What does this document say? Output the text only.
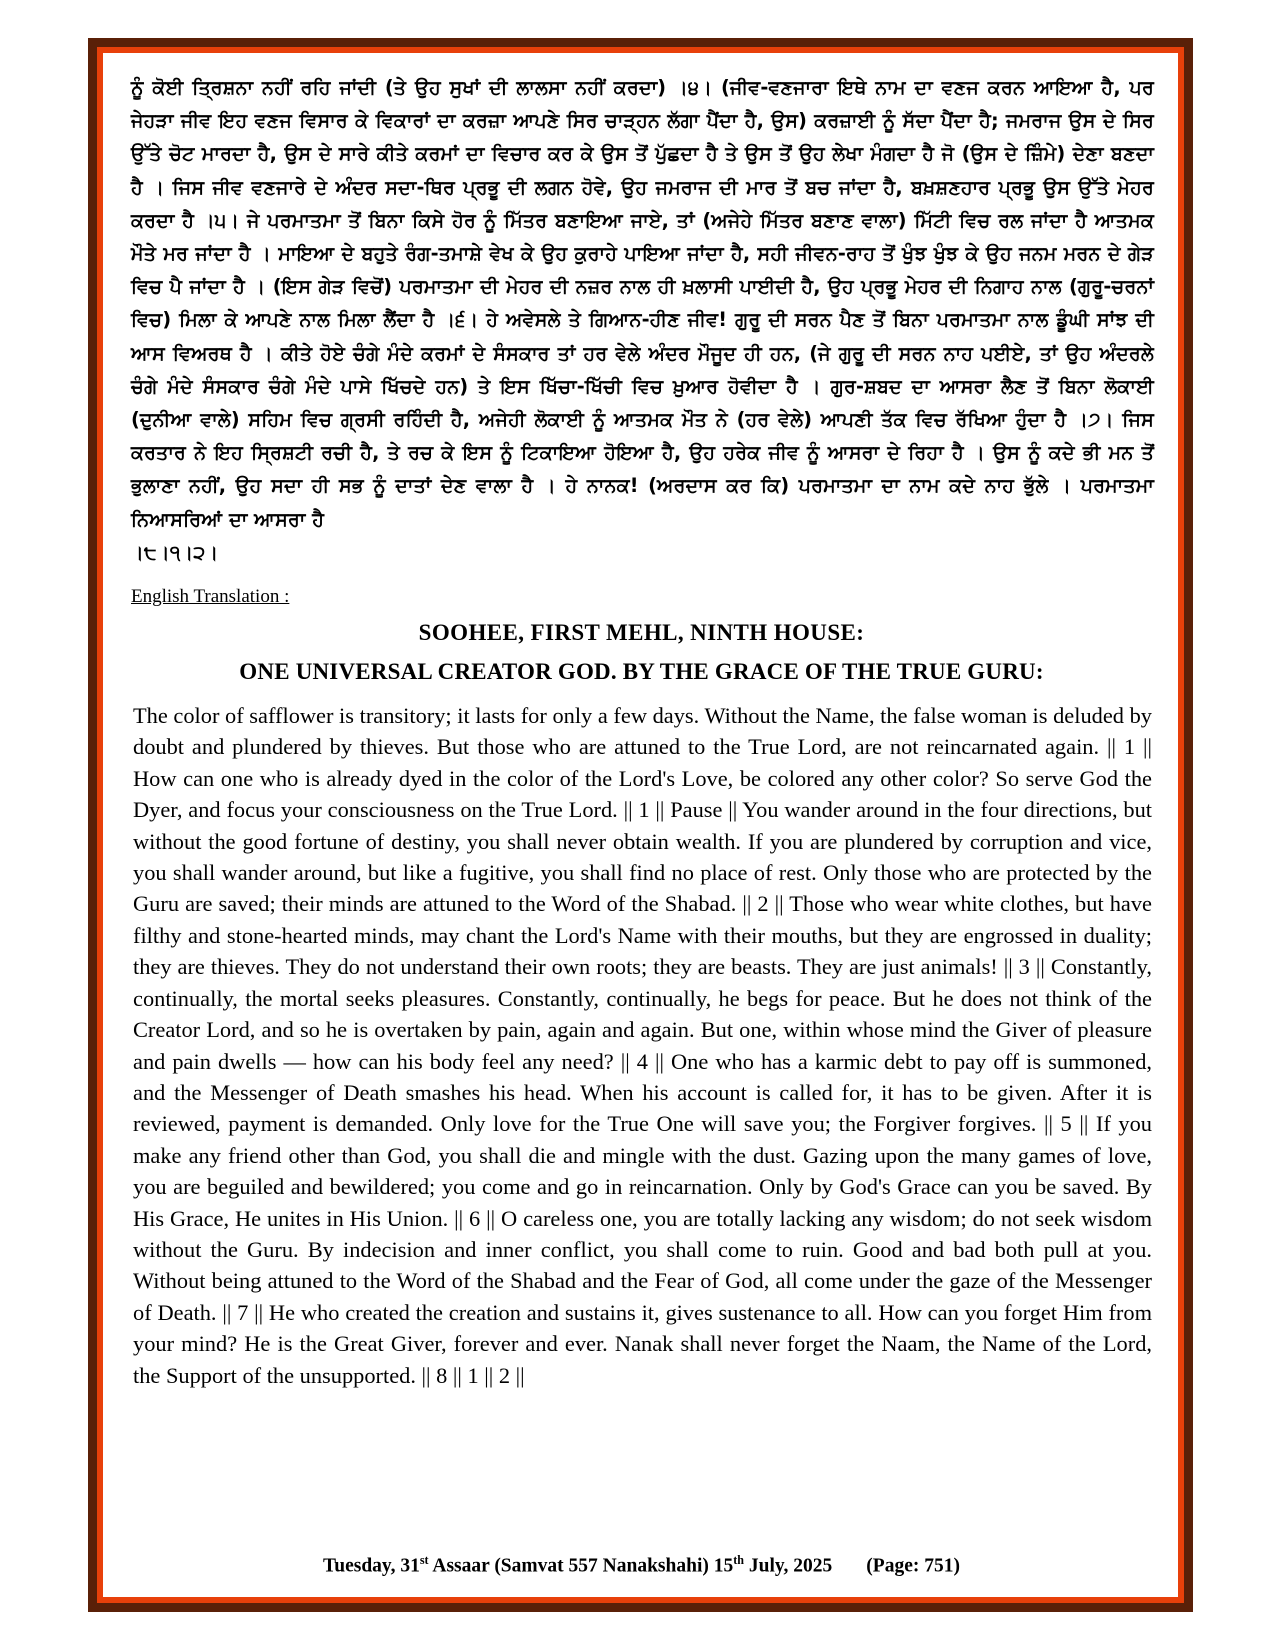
ਨੂੰ ਕੋਈ ਤ੍ਰਿਸ਼ਨਾ ਨਹੀਂ ਰਹਿ ਜਾਂਦੀ (ਤੇ ਉਹ ਸੁਖਾਂ ਦੀ ਲਾਲਸਾ ਨਹੀਂ ਕਰਦਾ) ।੪। (ਜੀਵ-ਵਣਜਾਰਾ ਇਥੇ ਨਾਮ ਦਾ ਵਣਜ ਕਰਨ ਆਇਆ ਹੈ, ਪਰ ਜੇਹੜਾ ਜੀਵ ਇਹ ਵਣਜ ਵਿਸਾਰ ਕੇ ਵਿਕਾਰਾਂ ਦਾ ਕਰਜ਼ਾ ਆਪਣੇ ਸਿਰ ਚਾੜ੍ਹਨ ਲੱਗਾ ਪੈਂਦਾ ਹੈ, ਉਸ) ਕਰਜ਼ਾਈ ਨੂੰ ਸੱਦਾ ਪੈਂਦਾ ਹੈ; ਜਮਰਾਜ ਉਸ ਦੇ ਸਿਰ ਉੱਤੇ ਚੋਟ ਮਾਰਦਾ ਹੈ, ਉਸ ਦੇ ਸਾਰੇ ਕੀਤੇ ਕਰਮਾਂ ਦਾ ਵਿਚਾਰ ਕਰ ਕੇ ਉਸ ਤੋਂ ਪੁੱਛਦਾ ਹੈ ਤੇ ਉਸ ਤੋਂ ਉਹ ਲੇਖਾ ਮੰਗਦਾ ਹੈ ਜੋ (ਉਸ ਦੇ ਜ਼ਿੰਮੇ) ਦੇਣਾ ਬਣਦਾ ਹੈ । ਜਿਸ ਜੀਵ ਵਣਜਾਰੇ ਦੇ ਅੰਦਰ ਸਦਾ-ਥਿਰ ਪ੍ਰਭੂ ਦੀ ਲਗਨ ਹੋਵੇ, ਉਹ ਜਮਰਾਜ ਦੀ ਮਾਰ ਤੋਂ ਬਚ ਜਾਂਦਾ ਹੈ, ਬਖ਼ਸ਼ਣਹਾਰ ਪ੍ਰਭੂ ਉਸ ਉੱਤੇ ਮੇਹਰ ਕਰਦਾ ਹੈ ।੫। ਜੇ ਪਰਮਾਤਮਾ ਤੋਂ ਬਿਨਾ ਕਿਸੇ ਹੋਰ ਨੂੰ ਮਿੱਤਰ ਬਣਾਇਆ ਜਾਏ, ਤਾਂ (ਅਜੇਹੇ ਮਿੱਤਰ ਬਣਾਣ ਵਾਲਾ) ਮਿੱਟੀ ਵਿਚ ਰਲ ਜਾਂਦਾ ਹੈ ਆਤਮਕ ਮੌਤੇ ਮਰ ਜਾਂਦਾ ਹੈ । ਮਾਇਆ ਦੇ ਬਹੁਤੇ ਰੰਗ-ਤਮਾਸ਼ੇ ਵੇਖ ਕੇ ਉਹ ਕੁਰਾਹੇ ਪਾਇਆ ਜਾਂਦਾ ਹੈ, ਸਹੀ ਜੀਵਨ-ਰਾਹ ਤੋਂ ਖੁੰਝ ਖੁੰਝ ਕੇ ਉਹ ਜਨਮ ਮਰਨ ਦੇ ਗੇੜ ਵਿਚ ਪੈ ਜਾਂਦਾ ਹੈ । (ਇਸ ਗੇੜ ਵਿਚੋਂ) ਪਰਮਾਤਮਾ ਦੀ ਮੇਹਰ ਦੀ ਨਜ਼ਰ ਨਾਲ ਹੀ ਖ਼ਲਾਸੀ ਪਾਈਦੀ ਹੈ, ਉਹ ਪ੍ਰਭੂ ਮੇਹਰ ਦੀ ਨਿਗਾਹ ਨਾਲ (ਗੁਰੂ-ਚਰਨਾਂ ਵਿਚ) ਮਿਲਾ ਕੇ ਆਪਣੇ ਨਾਲ ਮਿਲਾ ਲੈਂਦਾ ਹੈ ।੬। ਹੇ ਅਵੇਸਲੇ ਤੇ ਗਿਆਨ-ਹੀਣ ਜੀਵ! ਗੁਰੂ ਦੀ ਸਰਨ ਪੈਣ ਤੋਂ ਬਿਨਾ ਪਰਮਾਤਮਾ ਨਾਲ ਡੂੰਘੀ ਸਾਂਝ ਦੀ ਆਸ ਵਿਅਰਥ ਹੈ । ਕੀਤੇ ਹੋਏ ਚੰਗੇ ਮੰਦੇ ਕਰਮਾਂ ਦੇ ਸੰਸਕਾਰ ਤਾਂ ਹਰ ਵੇਲੇ ਅੰਦਰ ਮੌਜੂਦ ਹੀ ਹਨ, (ਜੇ ਗੁਰੂ ਦੀ ਸਰਨ ਨਾਹ ਪਈਏ, ਤਾਂ ਉਹ ਅੰਦਰਲੇ ਚੰਗੇ ਮੰਦੇ ਸੰਸਕਾਰ ਚੰਗੇ ਮੰਦੇ ਪਾਸੇ ਖਿੱਚਦੇ ਹਨ) ਤੇ ਇਸ ਖਿੱਚਾ-ਖਿੱਚੀ ਵਿਚ ਖ਼ੁਆਰ ਹੋਵੀਦਾ ਹੈ । ਗੁਰ-ਸ਼ਬਦ ਦਾ ਆਸਰਾ ਲੈਣ ਤੋਂ ਬਿਨਾ ਲੋਕਾਈ (ਦੁਨੀਆ ਵਾਲੇ) ਸਹਿਮ ਵਿਚ ਗ੍ਰਸੀ ਰਹਿੰਦੀ ਹੈ, ਅਜੇਹੀ ਲੋਕਾਈ ਨੂੰ ਆਤਮਕ ਮੌਤ ਨੇ (ਹਰ ਵੇਲੇ) ਆਪਣੀ ਤੱਕ ਵਿਚ ਰੱਖਿਆ ਹੁੰਦਾ ਹੈ ।੭। ਜਿਸ ਕਰਤਾਰ ਨੇ ਇਹ ਸ੍ਰਿਸ਼ਟੀ ਰਚੀ ਹੈ, ਤੇ ਰਚ ਕੇ ਇਸ ਨੂੰ ਟਿਕਾਇਆ ਹੋਇਆ ਹੈ, ਉਹ ਹਰੇਕ ਜੀਵ ਨੂੰ ਆਸਰਾ ਦੇ ਰਿਹਾ ਹੈ । ਉਸ ਨੂੰ ਕਦੇ ਭੀ ਮਨ ਤੋਂ ਭੁਲਾਣਾ ਨਹੀਂ, ਉਹ ਸਦਾ ਹੀ ਸਭ ਨੂੰ ਦਾਤਾਂ ਦੇਣ ਵਾਲਾ ਹੈ । ਹੇ ਨਾਨਕ! (ਅਰਦਾਸ ਕਰ ਕਿ) ਪਰਮਾਤਮਾ ਦਾ ਨਾਮ ਕਦੇ ਨਾਹ ਭੁੱਲੇ । ਪਰਮਾਤਮਾ ਨਿਆਸਰਿਆਂ ਦਾ ਆਸਰਾ ਹੈ

।੮।੧।੨।

English Translation :
SOOHEE, FIRST MEHL, NINTH HOUSE:
ONE UNIVERSAL CREATOR GOD. BY THE GRACE OF THE TRUE GURU:

The color of safflower is transitory; it lasts for only a few days. Without the Name, the false woman is deluded by doubt and plundered by thieves. But those who are attuned to the True Lord, are not reincarnated again. || 1 || How can one who is already dyed in the color of the Lord's Love, be colored any other color? So serve God the Dyer, and focus your consciousness on the True Lord. || 1 || Pause || You wander around in the four directions, but without the good fortune of destiny, you shall never obtain wealth. If you are plundered by corruption and vice, you shall wander around, but like a fugitive, you shall find no place of rest. Only those who are protected by the Guru are saved; their minds are attuned to the Word of the Shabad. || 2 || Those who wear white clothes, but have filthy and stone-hearted minds, may chant the Lord's Name with their mouths, but they are engrossed in duality; they are thieves. They do not understand their own roots; they are beasts. They are just animals! || 3 || Constantly, continually, the mortal seeks pleasures. Constantly, continually, he begs for peace. But he does not think of the Creator Lord, and so he is overtaken by pain, again and again. But one, within whose mind the Giver of pleasure and pain dwells — how can his body feel any need? || 4 || One who has a karmic debt to pay off is summoned, and the Messenger of Death smashes his head. When his account is called for, it has to be given. After it is reviewed, payment is demanded. Only love for the True One will save you; the Forgiver forgives. || 5 || If you make any friend other than God, you shall die and mingle with the dust. Gazing upon the many games of love, you are beguiled and bewildered; you come and go in reincarnation. Only by God's Grace can you be saved. By His Grace, He unites in His Union. || 6 || O careless one, you are totally lacking any wisdom; do not seek wisdom without the Guru. By indecision and inner conflict, you shall come to ruin. Good and bad both pull at you. Without being attuned to the Word of the Shabad and the Fear of God, all come under the gaze of the Messenger of Death. || 7 || He who created the creation and sustains it, gives sustenance to all. How can you forget Him from your mind? He is the Great Giver, forever and ever. Nanak shall never forget the Naam, the Name of the Lord, the Support of the unsupported. || 8 || 1 || 2 ||

Tuesday, 31st Assaar (Samvat 557 Nanakshahi) 15th July, 2025 (Page: 751)
